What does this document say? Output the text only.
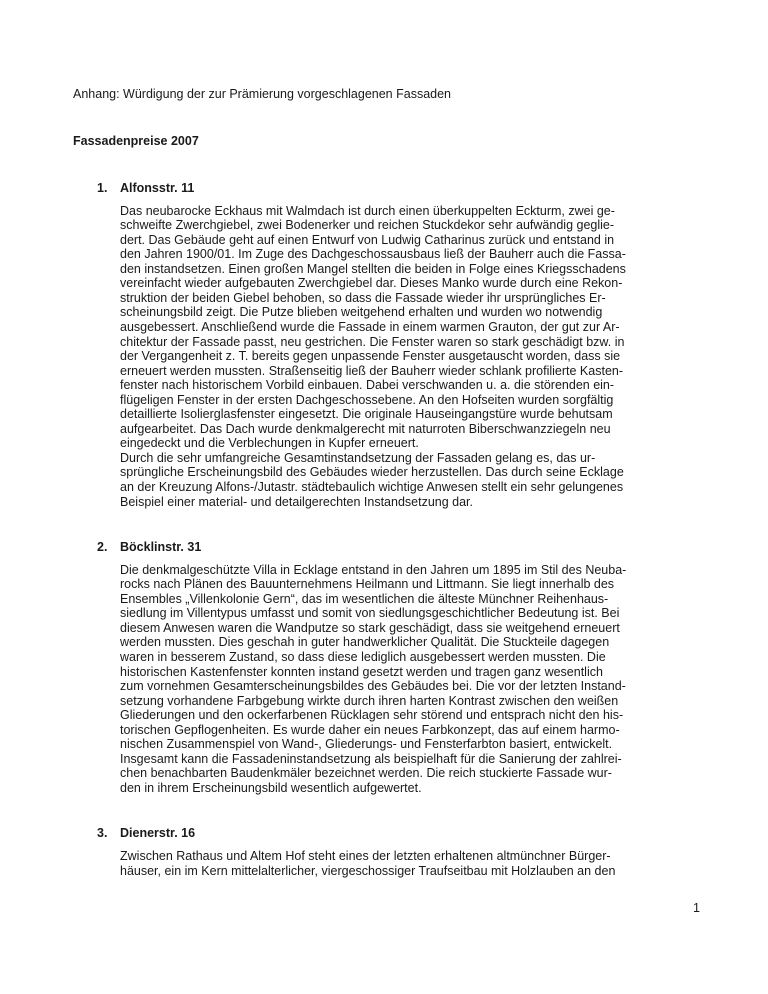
Anhang: Würdigung der zur Prämierung vorgeschlagenen Fassaden
Fassadenpreise 2007
1.	Alfonsstr. 11
Das neubarocke Eckhaus mit Walmdach ist durch einen überkuppelten Eckturm, zwei ge-
schweifte Zwerchgiebel, zwei Bodenerker und reichen Stuckdekor sehr aufwändig geglie-
dert. Das Gebäude geht auf einen Entwurf von Ludwig Catharinus zurück und entstand in
den Jahren 1900/01. Im Zuge des Dachgeschossausbaus ließ der Bauherr auch die Fassa-
den instandsetzen. Einen großen Mangel stellten die beiden in Folge eines Kriegsschadens
vereinfacht wieder aufgebauten Zwerchgiebel dar. Dieses Manko wurde durch eine Rekon-
struktion der beiden Giebel behoben, so dass die Fassade wieder ihr ursprüngliches Er-
scheinungsbild zeigt. Die Putze blieben weitgehend erhalten und wurden wo notwendig
ausgebessert. Anschließend wurde die Fassade in einem warmen Grauton, der gut zur Ar-
chitektur der Fassade passt, neu gestrichen. Die Fenster waren so stark geschädigt bzw. in
der Vergangenheit z. T. bereits gegen unpassende Fenster ausgetauscht worden, dass sie
erneuert werden mussten. Straßenseitig ließ der Bauherr wieder schlank profilierte Kasten-
fenster nach historischem Vorbild einbauen. Dabei verschwanden u. a. die störenden ein-
flügeligen Fenster in der ersten Dachgeschossebene. An den Hofseiten wurden sorgfältig
detaillierte Isolierglasfenster eingesetzt. Die originale Hauseingangstüre wurde behutsam
aufgearbeitet. Das Dach wurde denkmalgerecht mit naturroten Biberschwanzziegeln neu
eingedeckt und die Verblechungen in Kupfer erneuert.
Durch die sehr umfangreiche Gesamtinstandsetzung der Fassaden gelang es, das ur-
sprüngliche Erscheinungsbild des Gebäudes wieder herzustellen. Das durch seine Ecklage
an der Kreuzung Alfons-/Jutastr. städtebaulich wichtige Anwesen stellt ein sehr gelungenes
Beispiel einer material- und detailgerechten Instandsetzung dar.
2.	Böcklinstr. 31
Die denkmalgeschützte Villa in Ecklage entstand in den Jahren um 1895 im Stil des Neuba-
rocks nach Plänen des Bauunternehmens Heilmann und Littmann. Sie liegt innerhalb des
Ensembles „Villenkolonie Gern“, das im wesentlichen die älteste Münchner Reihenhaus-
siedlung im Villentypus umfasst und somit von siedlungsgeschichtlicher Bedeutung ist. Bei
diesem Anwesen waren die Wandputze so stark geschädigt, dass sie weitgehend erneuert
werden mussten. Dies geschah in guter handwerklicher Qualität. Die Stuckteile dagegen
waren in besserem Zustand, so dass diese lediglich ausgebessert werden mussten. Die
historischen Kastenfenster konnten instand gesetzt werden und tragen ganz wesentlich
zum vornehmen Gesamterscheinungsbildes des Gebäudes bei. Die vor der letzten Instand-
setzung vorhandene Farbgebung wirkte durch ihren harten Kontrast zwischen den weißen
Gliederungen und den ockerfarbenen Rücklagen sehr störend und entsprach nicht den his-
torischen Gepflogenheiten. Es wurde daher ein neues Farbkonzept, das auf einem harmo-
nischen Zusammenspiel von Wand-, Gliederungs- und Fensterfarbton basiert, entwickelt.
Insgesamt kann die Fassadeninstandsetzung als beispielhaft für die Sanierung der zahlrei-
chen benachbarten Baudenkmäler bezeichnet werden. Die reich stuckierte Fassade wur-
den in ihrem Erscheinungsbild wesentlich aufgewertet.
3.	Dienerstr. 16
Zwischen Rathaus und Altem Hof steht eines der letzten erhaltenen altmünchner Bürger-
häuser, ein im Kern mittelalterlicher, viergeschossiger Traufseitbau mit Holzlauben an den
1
